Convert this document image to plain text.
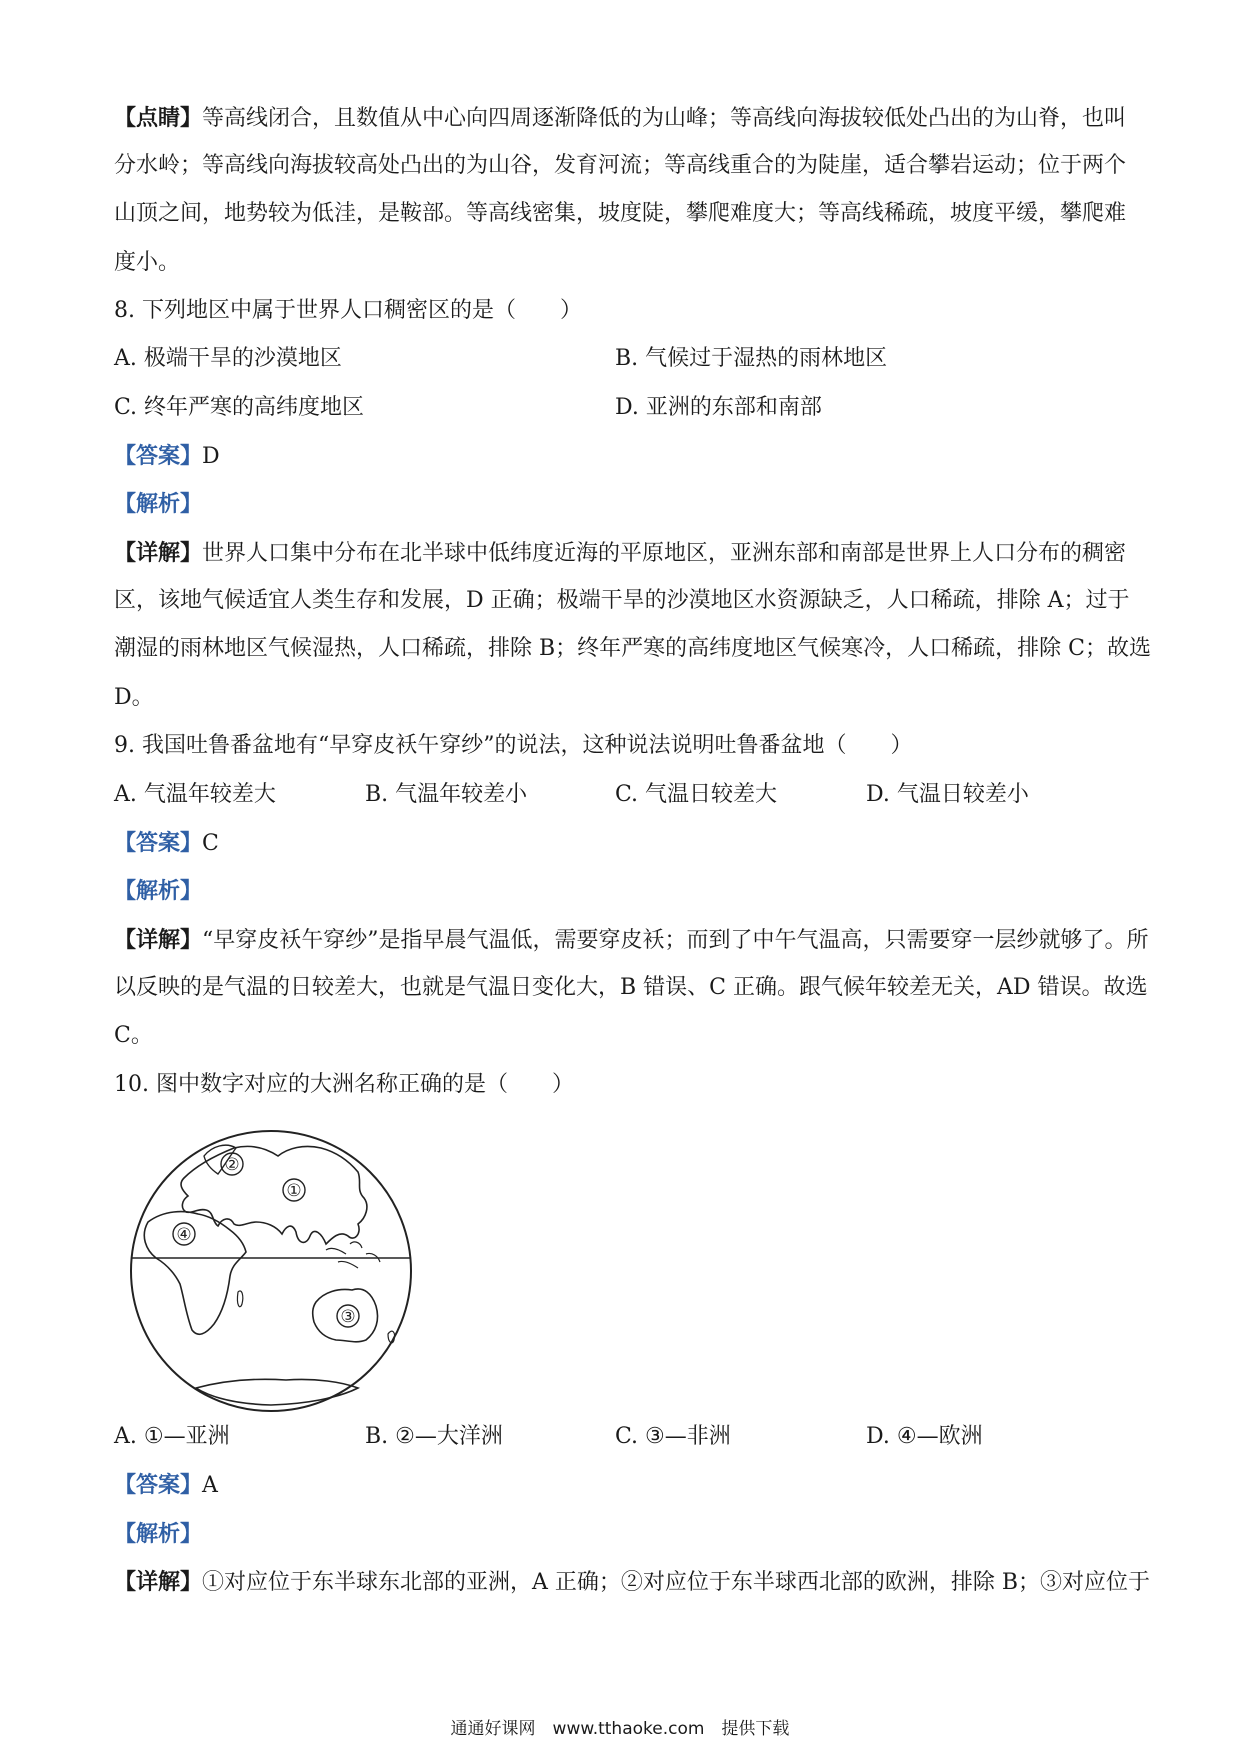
【点睛】等高线闭合，且数值从中心向四周逐渐降低的为山峰；等高线向海拔较低处凸出的为山脊，也叫
分水岭；等高线向海拔较高处凸出的为山谷，发育河流；等高线重合的为陡崖，适合攀岩运动；位于两个
山顶之间，地势较为低洼，是鞍部。等高线密集，坡度陡，攀爬难度大；等高线稀疏，坡度平缓，攀爬难
度小。
8. 下列地区中属于世界人口稠密区的是（　　）
A. 极端干旱的沙漠地区	B. 气候过于湿热的雨林地区
C. 终年严寒的高纬度地区	D. 亚洲的东部和南部
【答案】D
【解析】
【详解】世界人口集中分布在北半球中低纬度近海的平原地区，亚洲东部和南部是世界上人口分布的稠密
区，该地气候适宜人类生存和发展，D 正确；极端干旱的沙漠地区水资源缺乏，人口稀疏，排除 A；过于
潮湿的雨林地区气候湿热，人口稀疏，排除 B；终年严寒的高纬度地区气候寒冷，人口稀疏，排除 C；故选
D。
9. 我国吐鲁番盆地有“早穿皮袄午穿纱”的说法，这种说法说明吐鲁番盆地（　　）
A. 气温年较差大	B. 气温年较差小	C. 气温日较差大	D. 气温日较差小
【答案】C
【解析】
【详解】“早穿皮袄午穿纱”是指早晨气温低，需要穿皮袄；而到了中午气温高，只需要穿一层纱就够了。所
以反映的是气温的日较差大，也就是气温日变化大，B 错误、C 正确。跟气候年较差无关，AD 错误。故选
C。
10. 图中数字对应的大洲名称正确的是（　　）
①
②
③
④
A. ①—亚洲	B. ②—大洋洲	C. ③—非洲	D. ④—欧洲
【答案】A
【解析】
【详解】①对应位于东半球东北部的亚洲，A 正确；②对应位于东半球西北部的欧洲，排除 B；③对应位于
通通好课网　www.tthaoke.com　提供下载
